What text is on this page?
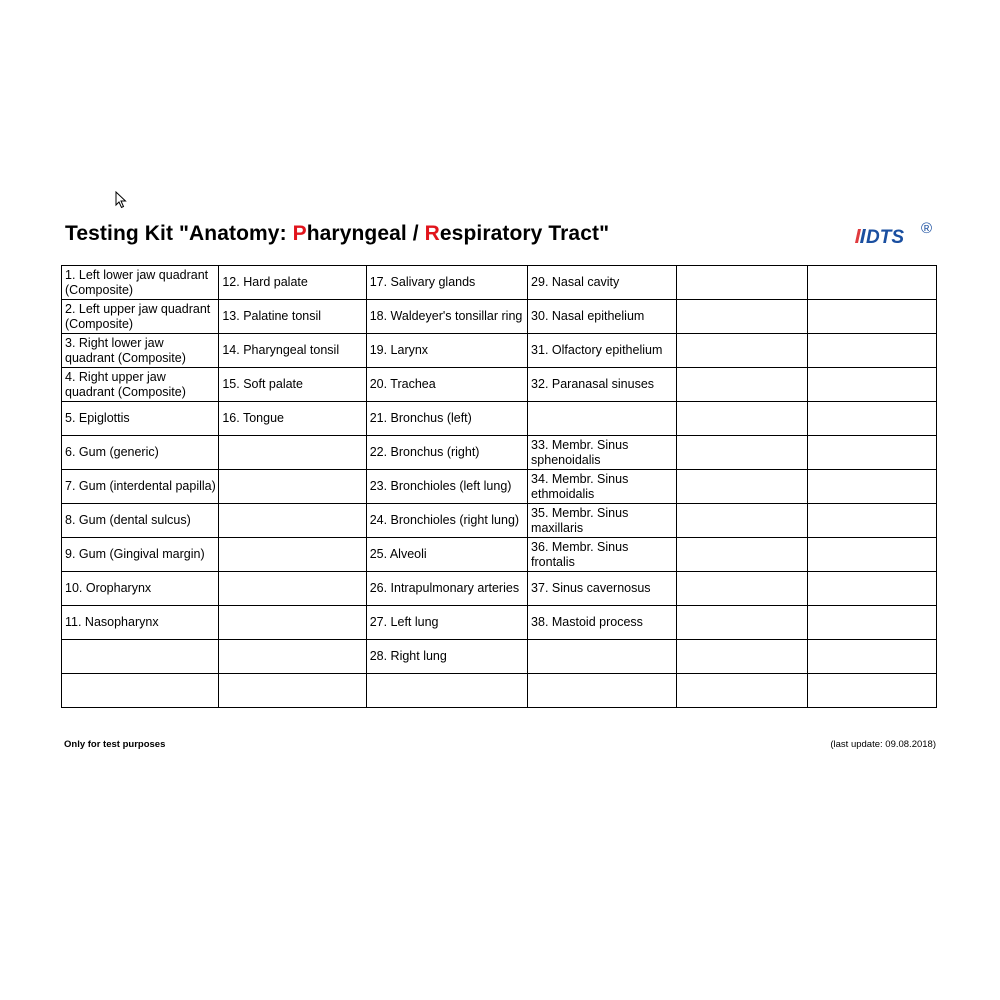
Testing Kit "Anatomy: Pharyngeal / Respiratory Tract"	DTS ®
1. Left lower jaw quadrant (Composite)	12. Hard palate	17. Salivary glands	29. Nasal cavity		
2. Left upper jaw quadrant (Composite)	13. Palatine tonsil	18. Waldeyer's tonsillar ring	30. Nasal epithelium		
3. Right lower jaw quadrant (Composite)	14. Pharyngeal tonsil	19. Larynx	31. Olfactory epithelium		
4. Right upper jaw quadrant (Composite)	15. Soft palate	20. Trachea	32. Paranasal sinuses		
5. Epiglottis	16. Tongue	21. Bronchus (left)			
6. Gum (generic)		22. Bronchus (right)	33. Membr. Sinus sphenoidalis		
7. Gum (interdental papilla)		23. Bronchioles (left lung)	34. Membr. Sinus ethmoidalis		
8. Gum (dental sulcus)		24. Bronchioles (right lung)	35. Membr. Sinus maxillaris		
9. Gum (Gingival margin)		25. Alveoli	36. Membr. Sinus frontalis		
10. Oropharynx		26. Intrapulmonary arteries	37. Sinus cavernosus		
11. Nasopharynx		27. Left lung	38. Mastoid process		
		28. Right lung			

Only for test purposes	(last update: 09.08.2018)
